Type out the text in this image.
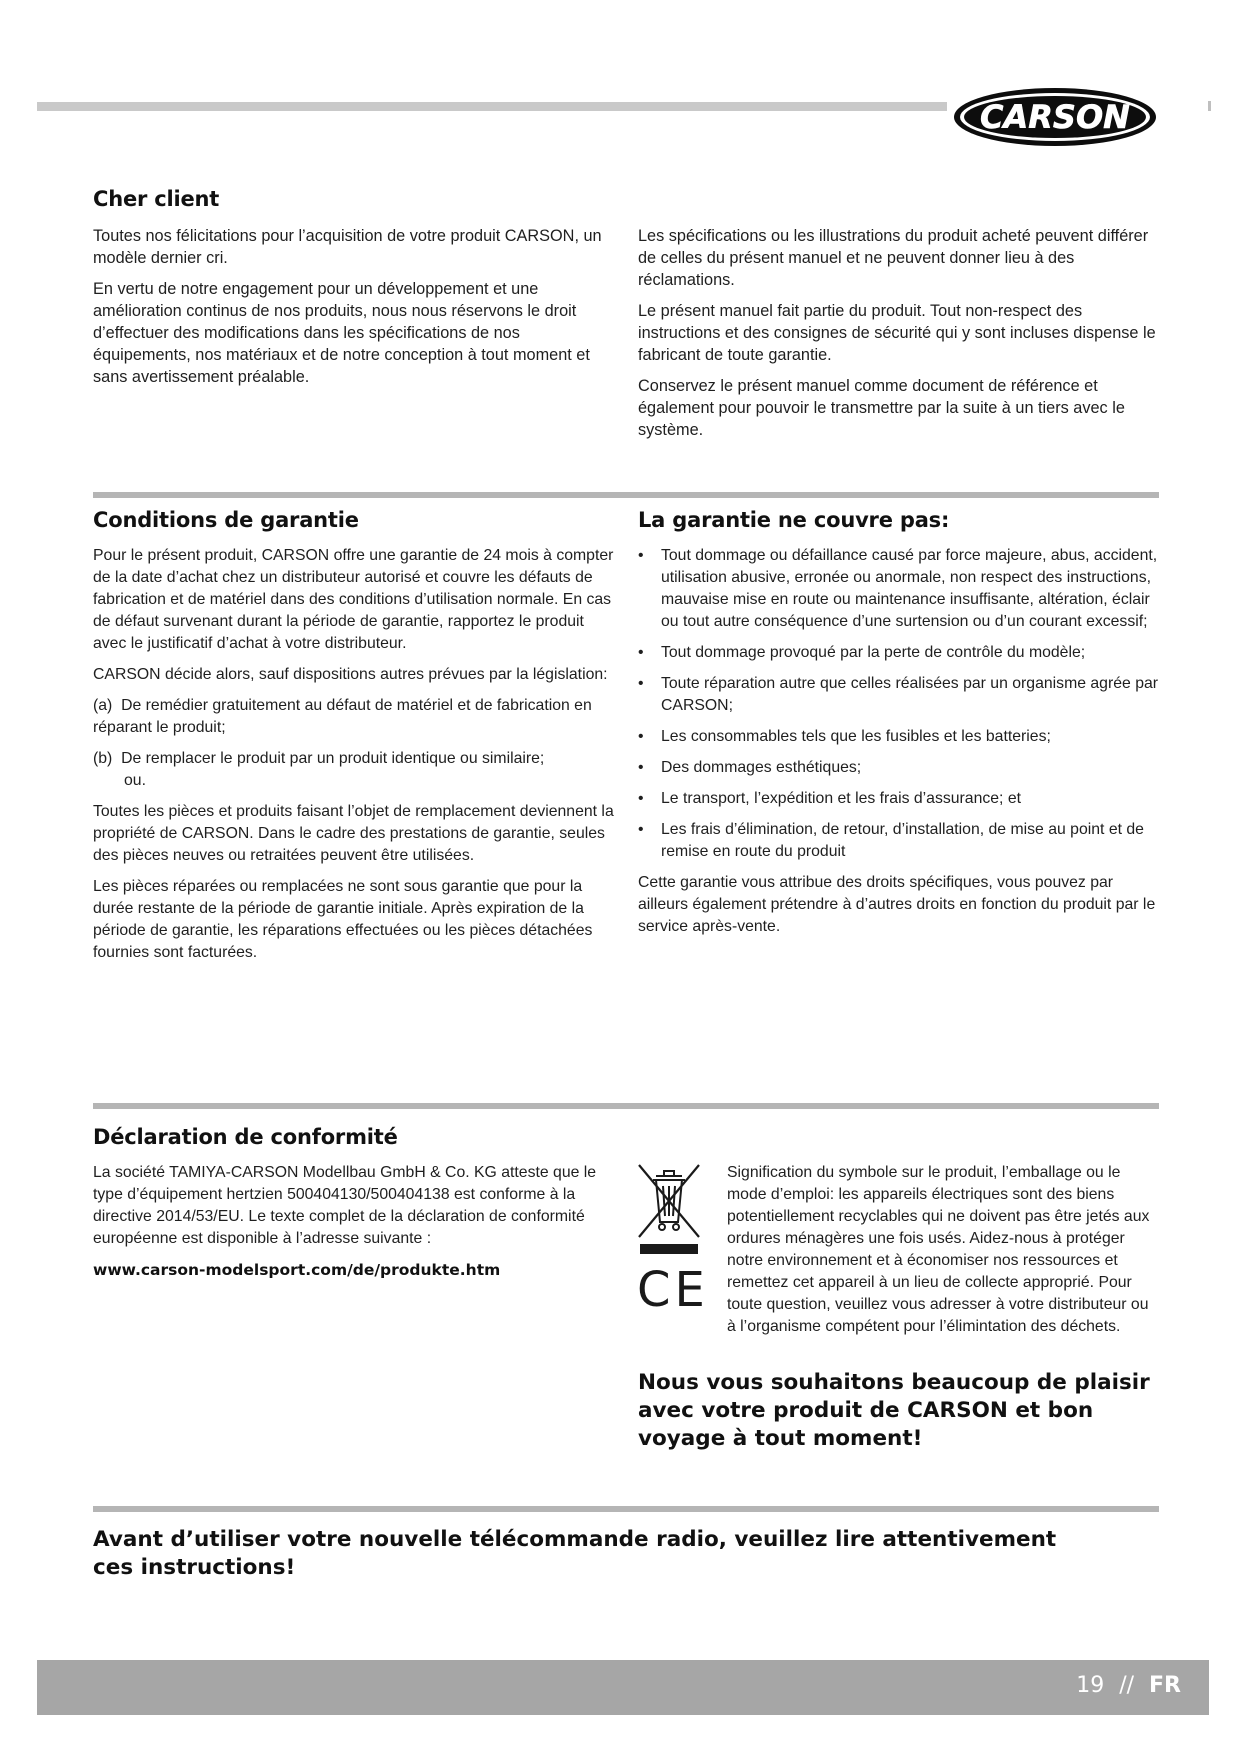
CARSON
Cher client

Toutes nos félicitations pour l’acquisition de votre produit CARSON, un modèle dernier cri.

En vertu de notre engagement pour un développement et une amélioration continus de nos produits, nous nous réservons le droit d’effectuer des modifications dans les spécifications de nos équipements, nos matériaux et de notre conception à tout moment et sans avertissement préalable.

Les spécifications ou les illustrations du produit acheté peuvent différer de celles du présent manuel et ne peuvent donner lieu à des réclamations.

Le présent manuel fait partie du produit. Tout non-respect des instructions et des consignes de sécurité qui y sont incluses dispense le fabricant de toute garantie.

Conservez le présent manuel comme document de référence et également pour pouvoir le transmettre par la suite à un tiers avec le système.

Conditions de garantie

Pour le présent produit, CARSON offre une garantie de 24 mois à compter de la date d’achat chez un distributeur autorisé et couvre les défauts de fabrication et de matériel dans des conditions d’utilisation normale. En cas de défaut survenant durant la période de garantie, rapportez le produit avec le justificatif d’achat à votre distributeur.

CARSON décide alors, sauf dispositions autres prévues par la législation:

(a)  De remédier gratuitement au défaut de matériel et de fabrication en réparant le produit;

(b)  De remplacer le produit par un produit identique ou similaire;
ou.

Toutes les pièces et produits faisant l’objet de remplacement deviennent la propriété de CARSON. Dans le cadre des prestations de garantie, seules des pièces neuves ou retraitées peuvent être utilisées.

Les pièces réparées ou remplacées ne sont sous garantie que pour la durée restante de la période de garantie initiale. Après expiration de la période de garantie, les réparations effectuées ou les pièces détachées fournies sont facturées.

La garantie ne couvre pas:
• Tout dommage ou défaillance causé par force majeure, abus, accident, utilisation abusive, erronée ou anormale, non respect des instructions, mauvaise mise en route ou maintenance insuffisante, altération, éclair ou tout autre conséquence d’une surtension ou d’un courant excessif;
• Tout dommage provoqué par la perte de contrôle du modèle;
• Toute réparation autre que celles réalisées par un organisme agrée par CARSON;
• Les consommables tels que les fusibles et les batteries;
• Des dommages esthétiques;
• Le transport, l’expédition et les frais d’assurance; et
• Les frais d’élimination, de retour, d’installation, de mise au point et de remise en route du produit

Cette garantie vous attribue des droits spécifiques, vous pouvez par ailleurs également prétendre à d’autres droits en fonction du produit par le service après-vente.

Déclaration de conformité

La société TAMIYA-CARSON Modellbau GmbH & Co. KG atteste que le type d’équipement hertzien 500404130/500404138 est conforme à la directive 2014/53/EU. Le texte complet de la déclaration de conformité européenne est disponible à l’adresse suivante :

www.carson-modelsport.com/de/produkte.htm	CE

Signification du symbole sur le produit, l’emballage ou le mode d’emploi: les appareils électriques sont des biens potentiellement recyclables qui ne doivent pas être jetés aux ordures ménagères une fois usés. Aidez-nous à protéger notre environnement et à économiser nos ressources et remettez cet appareil à un lieu de collecte approprié. Pour toute question, veuillez vous adresser à votre distributeur ou à l’organisme compétent pour l’élimintation des déchets.

Nous vous souhaitons beaucoup de plaisir avec votre produit de CARSON et bon voyage à tout moment!
Avant d’utiliser votre nouvelle télécommande radio, veuillez lire attentivement ces instructions!
19 // FR
